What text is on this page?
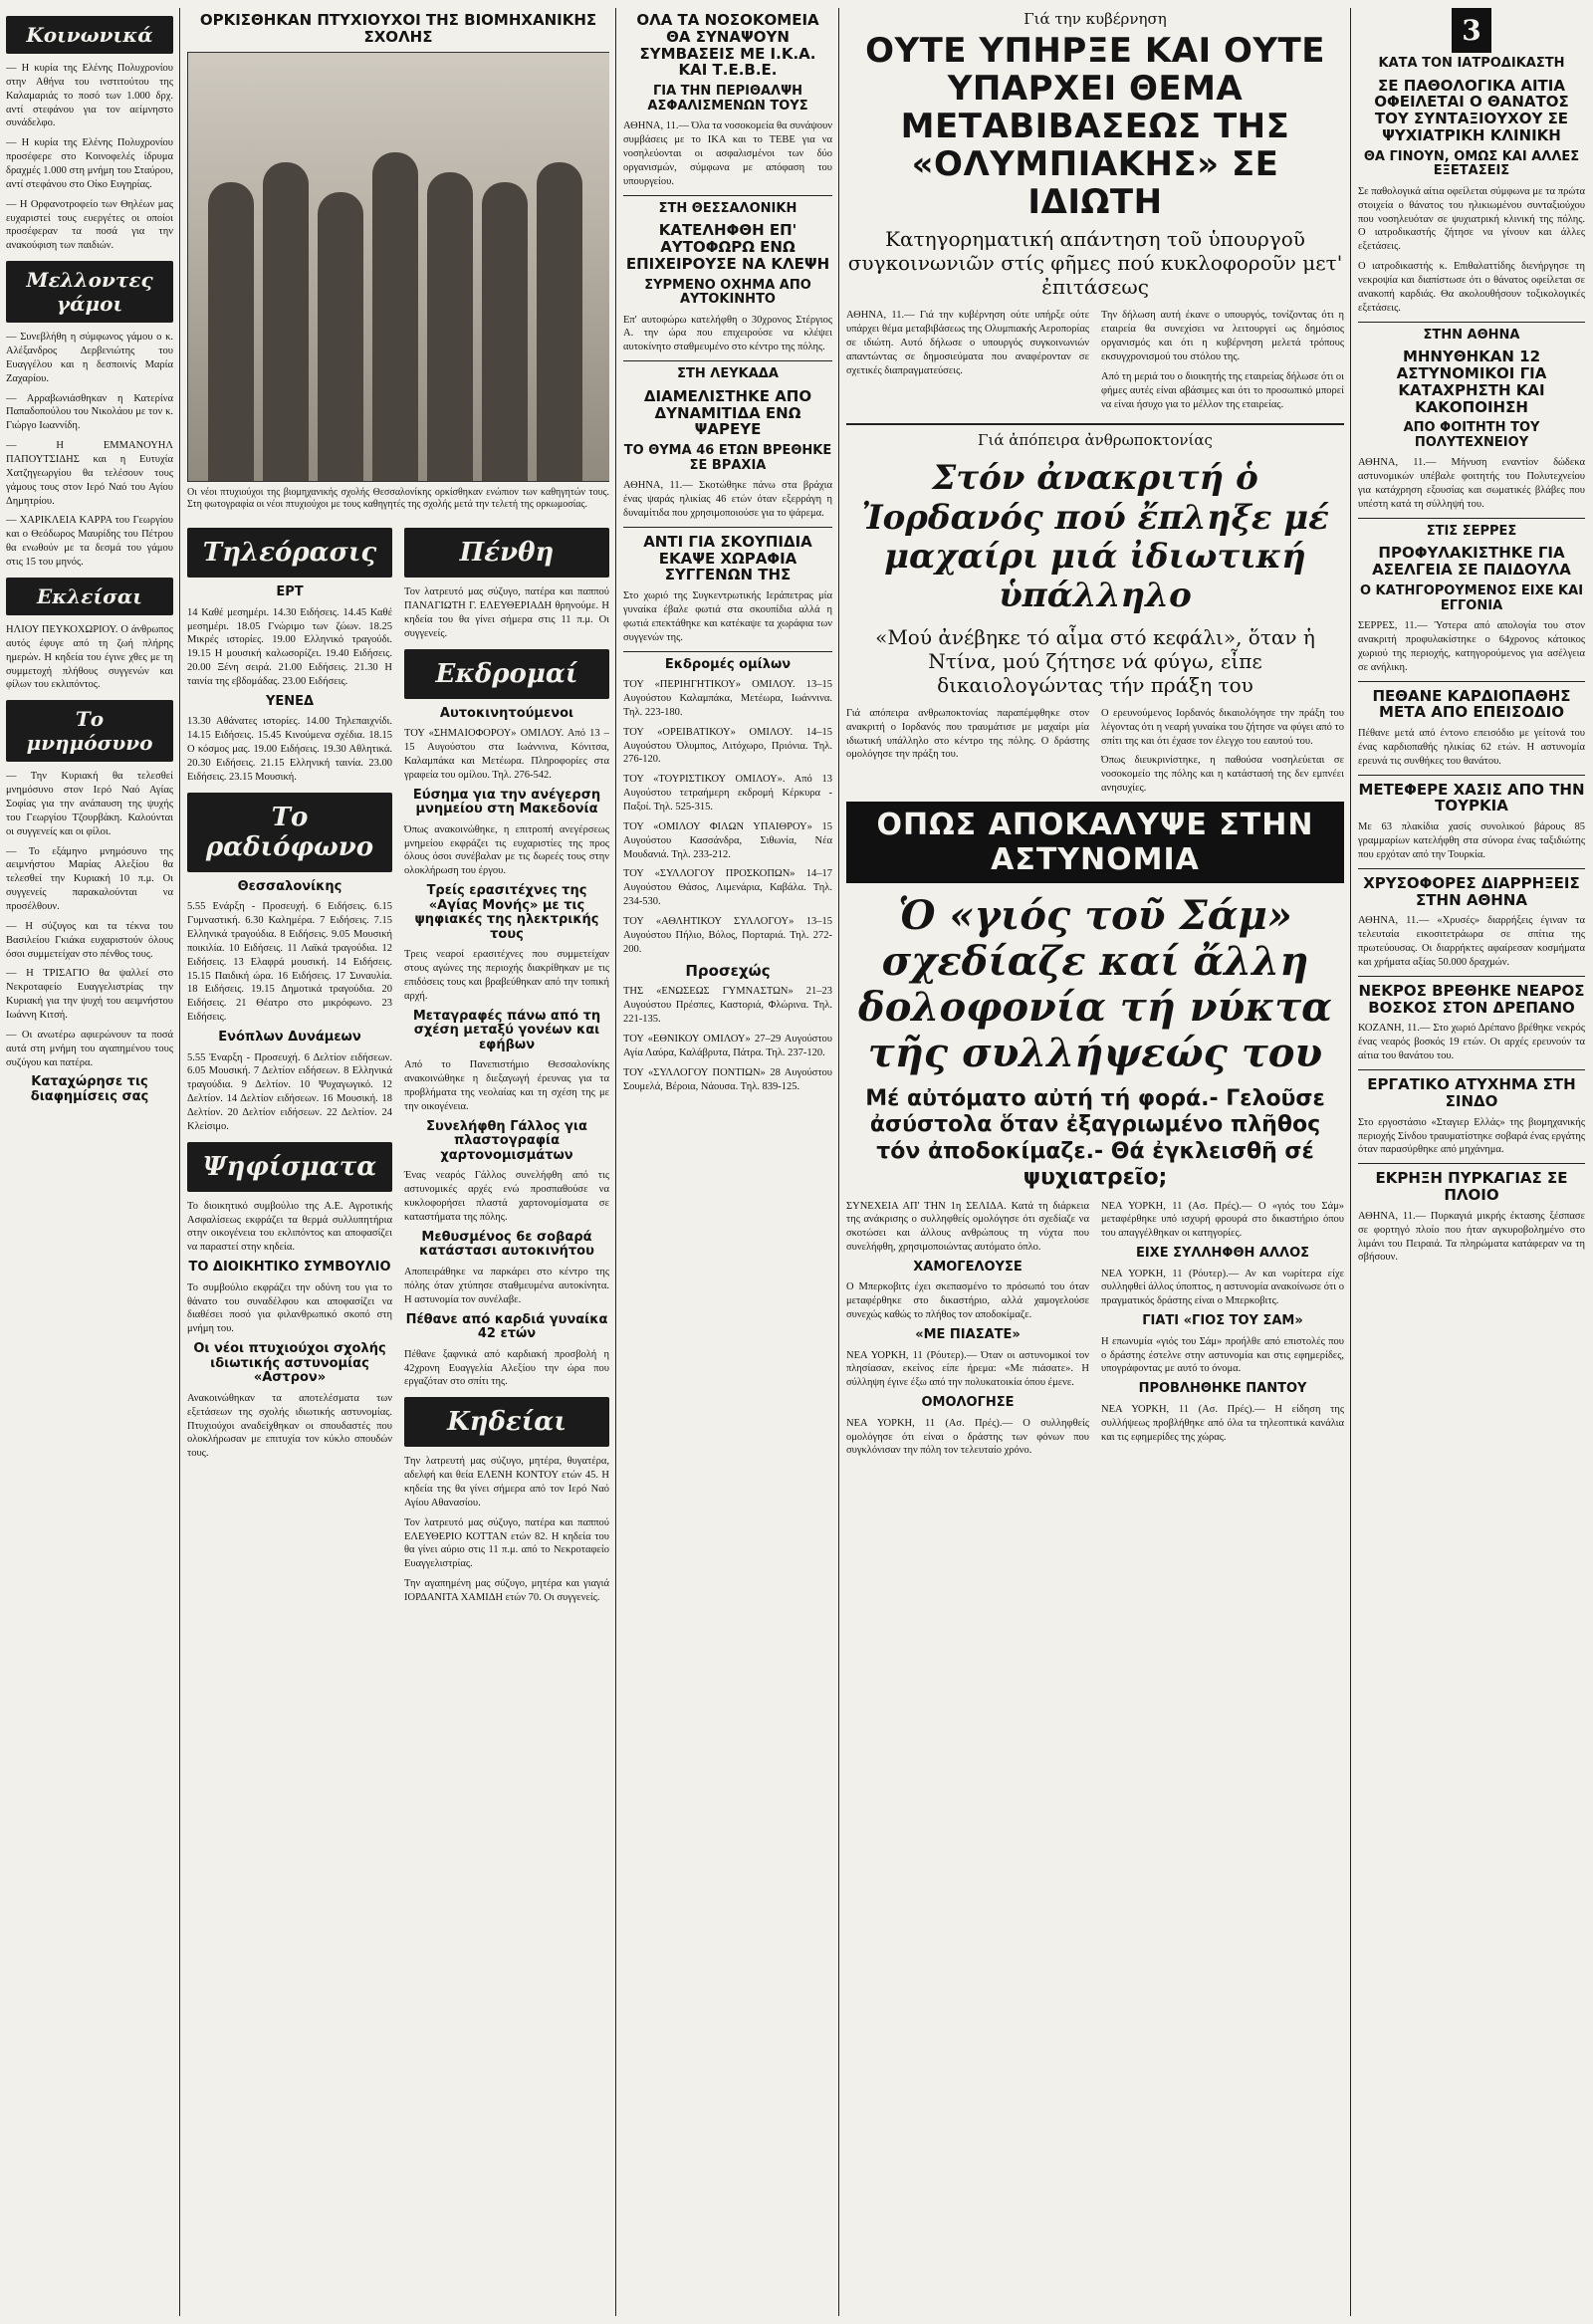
Κοινωνικά

— Η κυρία της Ελένης Πολυχρονίου στην Αθήνα του ινστιτούτου της Καλαμαριάς το ποσό των 1.000 δρχ. αντί στεφάνου για τον αείμνηστο συνάδελφο.

— Η κυρία της Ελένης Πολυχρονίου προσέφερε στο Κοινοφελές ίδρυμα δραχμές 1.000 στη μνήμη του Σταύρου, αντί στεφάνου στο Οίκο Ευγηρίας.

— Η Ορφανοτροφείο των Θηλέων μας ευχαριστεί τους ευεργέτες οι οποίοι προσέφεραν τα ποσά για την ανακούφιση των παιδιών.

Μελλοντες γάμοι

— Συνεβλήθη η σύμφωνος γάμου ο κ. Αλέξανδρος Δερβενιώτης του Ευαγγέλου και η δεσποινίς Μαρία Ζαχαρίου.

— Αρραβωνιάσθηκαν η Κατερίνα Παπαδοπούλου του Νικολάου με τον κ. Γιώργο Ιωαννίδη.

— Η ΕΜΜΑΝΟΥΗΛ ΠΑΠΟΥΤΣΙΔΗΣ και η Ευτυχία Χατζηγεωργίου θα τελέσουν τους γάμους τους στον Ιερό Ναό του Αγίου Δημητρίου.

— ΧΑΡΙΚΛΕΙΑ ΚΑΡΡΑ του Γεωργίου και ο Θεόδωρος Μαυρίδης του Πέτρου θα ενωθούν με τα δεσμά του γάμου στις 15 του μηνός.

Εκλείσαι

ΗΛΙΟΥ ΠΕΥΚΟΧΩΡΙΟΥ. Ο άνθρωπος αυτός έφυγε από τη ζωή πλήρης ημερών. Η κηδεία του έγινε χθες με τη συμμετοχή πλήθους συγγενών και φίλων του εκλιπόντος.

Το μνημόσυνο

— Την Κυριακή θα τελεσθεί μνημόσυνο στον Ιερό Ναό Αγίας Σοφίας για την ανάπαυση της ψυχής του Γεωργίου Τζουρβάκη. Καλούνται οι συγγενείς και οι φίλοι.

— Το εξάμηνο μνημόσυνο της αειμνήστου Μαρίας Αλεξίου θα τελεσθεί την Κυριακή 10 π.μ. Οι συγγενείς παρακαλούνται να προσέλθουν.

— Η σύζυγος και τα τέκνα του Βασιλείου Γκιάκα ευχαριστούν όλους όσοι συμμετείχαν στο πένθος τους.

— Η ΤΡΙΣΑΓΙΟ θα ψαλλεί στο Νεκροταφείο Ευαγγελιστρίας την Κυριακή για την ψυχή του αειμνήστου Ιωάννη Κιτσή.

— Οι ανωτέρω αφιερώνουν τα ποσά αυτά στη μνήμη του αγαπημένου τους συζύγου και πατέρα.

Καταχώρησε τις διαφημίσεις σας
ΟΡΚΙΣΘΗΚΑΝ ΠΤΥΧΙΟΥΧΟΙ ΤΗΣ ΒΙΟΜΗΧΑΝΙΚΗΣ ΣΧΟΛΗΣ

Οι νέοι πτυχιούχοι της βιομηχανικής σχολής Θεσσαλονίκης ορκίσθηκαν ενώπιον των καθηγητών τους. Στη φωτογραφία οι νέοι πτυχιούχοι με τους καθηγητές της σχολής μετά την τελετή της ορκωμοσίας.

Τηλεόρασις
ΕΡΤ

14 Καθέ μεσημέρι. 14.30 Ειδήσεις. 14.45 Καθέ μεσημέρι. 18.05 Γνώριμο των ζώων. 18.25 Μικρές ιστορίες. 19.00 Ελληνικό τραγούδι. 19.15 Η μουσική καλωσορίζει. 19.40 Ειδήσεις. 20.00 Ξένη σειρά. 21.00 Ειδήσεις. 21.30 Η ταινία της εβδομάδας. 23.00 Ειδήσεις.

ΥΕΝΕΔ

13.30 Αθάνατες ιστορίες. 14.00 Τηλεπαιχνίδι. 14.15 Ειδήσεις. 15.45 Κινούμενα σχέδια. 18.15 Ο κόσμος μας. 19.00 Ειδήσεις. 19.30 Αθλητικά. 20.30 Ειδήσεις. 21.15 Ελληνική ταινία. 23.00 Ειδήσεις. 23.15 Μουσική.

Το ραδιόφωνο
Θεσσαλονίκης

5.55 Ενάρξη - Προσευχή. 6 Ειδήσεις. 6.15 Γυμναστική. 6.30 Καλημέρα. 7 Ειδήσεις. 7.15 Ελληνικά τραγούδια. 8 Ειδήσεις. 9.05 Μουσική ποικιλία. 10 Ειδήσεις. 11 Λαϊκά τραγούδια. 12 Ειδήσεις. 13 Ελαφρά μουσική. 14 Ειδήσεις. 15.15 Παιδική ώρα. 16 Ειδήσεις. 17 Συναυλία. 18 Ειδήσεις. 19.15 Δημοτικά τραγούδια. 20 Ειδήσεις. 21 Θέατρο στο μικρόφωνο. 23 Ειδήσεις.

Ενόπλων Δυνάμεων

5.55 Έναρξη - Προσευχή. 6 Δελτίον ειδήσεων. 6.05 Μουσική. 7 Δελτίον ειδήσεων. 8 Ελληνικά τραγούδια. 9 Δελτίον. 10 Ψυχαγωγικό. 12 Δελτίον. 14 Δελτίον ειδήσεων. 16 Μουσική. 18 Δελτίον. 20 Δελτίον ειδήσεων. 22 Δελτίον. 24 Κλείσιμο.

Ψηφίσματα

Το διοικητικό συμβούλιο της Α.Ε. Αγροτικής Ασφαλίσεως εκφράζει τα θερμά συλλυπητήρια στην οικογένεια του εκλιπόντος και αποφασίζει να παραστεί στην κηδεία.

ΤΟ ΔΙΟΙΚΗΤΙΚΟ ΣΥΜΒΟΥΛΙΟ

Το συμβούλιο εκφράζει την οδύνη του για το θάνατο του συναδέλφου και αποφασίζει να διαθέσει ποσό για φιλανθρωπικό σκοπό στη μνήμη του.

Οι νέοι πτυχιούχοι σχολής ιδιωτικής αστυνομίας «Αστρον»

Ανακοινώθηκαν τα αποτελέσματα των εξετάσεων της σχολής ιδιωτικής αστυνομίας. Πτυχιούχοι αναδείχθηκαν οι σπουδαστές που ολοκλήρωσαν με επιτυχία τον κύκλο σπουδών τους.

Πένθη

Τον λατρευτό μας σύζυγο, πατέρα και παππού ΠΑΝΑΓΙΩΤΗ Γ. ΕΛΕΥΘΕΡΙΑΔΗ θρηνούμε. Η κηδεία του θα γίνει σήμερα στις 11 π.μ. Οι συγγενείς.

Εκδρομαί
Αυτοκινητούμενοι

ΤΟΥ «ΣΗΜΑΙΟΦΟΡΟΥ» ΟΜΙΛΟΥ. Από 13 – 15 Αυγούστου στα Ιωάννινα, Κόνιτσα, Καλαμπάκα και Μετέωρα. Πληροφορίες στα γραφεία του ομίλου. Τηλ. 276-542.

Εύσημα για την ανέγερση μνημείου στη Μακεδονία

Όπως ανακοινώθηκε, η επιτροπή ανεγέρσεως μνημείου εκφράζει τις ευχαριστίες της προς όλους όσοι συνέβαλαν με τις δωρεές τους στην ολοκλήρωση του έργου.

Τρείς ερασιτέχνες της «Αγίας Μονής» με τις ψηφιακές της ηλεκτρικής τους

Τρεις νεαροί ερασιτέχνες που συμμετείχαν στους αγώνες της περιοχής διακρίθηκαν με τις επιδόσεις τους και βραβεύθηκαν από την τοπική αρχή.

Μεταγραφές πάνω από τη σχέση μεταξύ γονέων και εφήβων

Από το Πανεπιστήμιο Θεσσαλονίκης ανακοινώθηκε η διεξαγωγή έρευνας για τα προβλήματα της νεολαίας και τη σχέση της με την οικογένεια.

Συνελήφθη Γάλλος για πλαστογραφία χαρτονομισμάτων

Ένας νεαρός Γάλλος συνελήφθη από τις αστυνομικές αρχές ενώ προσπαθούσε να κυκλοφορήσει πλαστά χαρτονομίσματα σε καταστήματα της πόλης.

Μεθυσμένος 6ε σοβαρά κατάστασι αυτοκινήτου

Αποπειράθηκε να παρκάρει στο κέντρο της πόλης όταν χτύπησε σταθμευμένα αυτοκίνητα. Η αστυνομία τον συνέλαβε.

Πέθανε από καρδιά γυναίκα 42 ετών

Πέθανε ξαφνικά από καρδιακή προσβολή η 42χρονη Ευαγγελία Αλεξίου την ώρα που εργαζόταν στο σπίτι της.

Κηδείαι

Την λατρευτή μας σύζυγο, μητέρα, θυγατέρα, αδελφή και θεία ΕΛΕΝΗ ΚΟΝΤΟΥ ετών 45. Η κηδεία της θα γίνει σήμερα από τον Ιερό Ναό Αγίου Αθανασίου.

Τον λατρευτό μας σύζυγο, πατέρα και παππού ΕΛΕΥΘΕΡΙΟ ΚΟΤΤΑΝ ετών 82. Η κηδεία του θα γίνει αύριο στις 11 π.μ. από το Νεκροταφείο Ευαγγελιστρίας.

Την αγαπημένη μας σύζυγο, μητέρα και γιαγιά ΙΟΡΔΑΝΙΤΑ ΧΑΜΙΔΗ ετών 70. Οι συγγενείς.

ΟΛΑ ΤΑ ΝΟΣΟΚΟΜΕΙΑ ΘΑ ΣΥΝΑΨΟΥΝ ΣΥΜΒΑΣΕΙΣ ΜΕ Ι.Κ.Α. ΚΑΙ Τ.Ε.Β.Ε.
ΓΙΑ ΤΗΝ ΠΕΡΙΘΑΛΨΗ ΑΣΦΑΛΙΣΜΕΝΩΝ ΤΟΥΣ

ΑΘΗΝΑ, 11.— Όλα τα νοσοκομεία θα συνάψουν συμβάσεις με το ΙΚΑ και το ΤΕΒΕ για να νοσηλεύονται οι ασφαλισμένοι των δύο οργανισμών, σύμφωνα με απόφαση του υπουργείου.

ΣΤΗ ΘΕΣΣΑΛΟΝΙΚΗ
ΚΑΤΕΛΗΦΘΗ ΕΠ' ΑΥΤΟΦΩΡΩ ΕΝΩ ΕΠΙΧΕΙΡΟΥΣΕ ΝΑ ΚΛΕΨΗ
ΣΥΡΜΕΝΟ ΟΧΗΜΑ ΑΠΟ ΑΥΤΟΚΙΝΗΤΟ

Επ' αυτοφώρω κατελήφθη ο 30χρονος Στέργιος Α. την ώρα που επιχειρούσε να κλέψει αυτοκίνητο σταθμευμένο στο κέντρο της πόλης.

ΣΤΗ ΛΕΥΚΑΔΑ
ΔΙΑΜΕΛΙΣΤΗΚΕ ΑΠΟ ΔΥΝΑΜΙΤΙΔΑ ΕΝΩ ΨΑΡΕΥΕ
ΤΟ ΘΥΜΑ 46 ΕΤΩΝ ΒΡΕΘΗΚΕ ΣΕ ΒΡΑΧΙΑ

ΑΘΗΝΑ, 11.— Σκοτώθηκε πάνω στα βράχια ένας ψαράς ηλικίας 46 ετών όταν εξερράγη η δυναμίτιδα που χρησιμοποιούσε για το ψάρεμα.

ΑΝΤΙ ΓΙΑ ΣΚΟΥΠΙΔΙΑ ΕΚΑΨΕ ΧΩΡΑΦΙΑ ΣΥΓΓΕΝΩΝ ΤΗΣ

Στο χωριό της Συγκεντρωτικής Ιεράπετρας μία γυναίκα έβαλε φωτιά στα σκουπίδια αλλά η φωτιά επεκτάθηκε και κατέκαψε τα χωράφια των συγγενών της.

Εκδρομές ομίλων

ΤΟΥ «ΠΕΡΙΗΓΗΤΙΚΟΥ» ΟΜΙΛΟΥ. 13–15 Αυγούστου Καλαμπάκα, Μετέωρα, Ιωάννινα. Τηλ. 223-180.

ΤΟΥ «ΟΡΕΙΒΑΤΙΚΟΥ» ΟΜΙΛΟΥ. 14–15 Αυγούστου Όλυμπος, Λιτόχωρο, Πριόνια. Τηλ. 276-120.

ΤΟΥ «ΤΟΥΡΙΣΤΙΚΟΥ ΟΜΙΛΟΥ». Από 13 Αυγούστου τετραήμερη εκδρομή Κέρκυρα - Παξοί. Τηλ. 525-315.

ΤΟΥ «ΟΜΙΛΟΥ ΦΙΛΩΝ ΥΠΑΙΘΡΟΥ» 15 Αυγούστου Κασσάνδρα, Σιθωνία, Νέα Μουδανιά. Τηλ. 233-212.

ΤΟΥ «ΣΥΛΛΟΓΟΥ ΠΡΟΣΚΟΠΩΝ» 14–17 Αυγούστου Θάσος, Λιμενάρια, Καβάλα. Τηλ. 234-530.

ΤΟΥ «ΑΘΛΗΤΙΚΟΥ ΣΥΛΛΟΓΟΥ» 13–15 Αυγούστου Πήλιο, Βόλος, Πορταριά. Τηλ. 272-200.

Προσεχώς

ΤΗΣ «ΕΝΩΣΕΩΣ ΓΥΜΝΑΣΤΩΝ» 21–23 Αυγούστου Πρέσπες, Καστοριά, Φλώρινα. Τηλ. 221-135.

ΤΟΥ «ΕΘΝΙΚΟΥ ΟΜΙΛΟΥ» 27–29 Αυγούστου Αγία Λαύρα, Καλάβρυτα, Πάτρα. Τηλ. 237-120.

ΤΟΥ «ΣΥΛΛΟΓΟΥ ΠΟΝΤΙΩΝ» 28 Αυγούστου Σουμελά, Βέροια, Νάουσα. Τηλ. 839-125.

Γιά την κυβέρνηση
ΟΥΤΕ ΥΠΗΡΞΕ ΚΑΙ ΟΥΤΕ ΥΠΑΡΧΕΙ ΘΕΜΑ ΜΕΤΑΒΙΒΑΣΕΩΣ ΤΗΣ «ΟΛΥΜΠΙΑΚΗΣ» ΣΕ ΙΔΙΩΤΗ
Κατηγορηματική απάντηση τοῦ ὑπουργοῦ συγκοινωνιῶν στίς φῆμες πού κυκλοφοροῦν μετ' ἐπιτάσεως

ΑΘΗΝΑ, 11.— Γιά την κυβέρνηση ούτε υπήρξε ούτε υπάρχει θέμα μεταβιβάσεως της Ολυμπιακής Αεροπορίας σε ιδιώτη. Αυτό δήλωσε ο υπουργός συγκοινωνιών απαντώντας σε δημοσιεύματα που αναφέρονταν σε σχετικές διαπραγματεύσεις.

Την δήλωση αυτή έκανε ο υπουργός, τονίζοντας ότι η εταιρεία θα συνεχίσει να λειτουργεί ως δημόσιος οργανισμός και ότι η κυβέρνηση μελετά τρόπους εκσυγχρονισμού του στόλου της.

Από τη μεριά του ο διοικητής της εταιρείας δήλωσε ότι οι φήμες αυτές είναι αβάσιμες και ότι το προσωπικό μπορεί να είναι ήσυχο για το μέλλον της εταιρείας.

Γιά ἀπόπειρα ἀνθρωποκτονίας
Στόν ἀνακριτή ὁ Ἰορδανός πού ἔπληξε μέ μαχαίρι μιά ἰδιωτική ὑπάλληλο
«Μού ἀνέβηκε τό αἷμα στό κεφάλι», ὅταν ἡ Ντίνα, μού ζήτησε νά φύγω, εἶπε δικαιολογώντας τήν πράξη του

Γιά απόπειρα ανθρωποκτονίας παραπέμφθηκε στον ανακριτή ο Ιορδανός που τραυμάτισε με μαχαίρι μία ιδιωτική υπάλληλο στο κέντρο της πόλης. Ο δράστης ομολόγησε την πράξη του.

Ο ερευνούμενος Ιορδανός δικαιολόγησε την πράξη του λέγοντας ότι η νεαρή γυναίκα του ζήτησε να φύγει από το σπίτι της και ότι έχασε τον έλεγχο του εαυτού του.

Όπως διευκρινίστηκε, η παθούσα νοσηλεύεται σε νοσοκομείο της πόλης και η κατάστασή της δεν εμπνέει ανησυχίες.

ΟΠΩΣ ΑΠΟΚΑΛΥΨΕ ΣΤΗΝ ΑΣΤΥΝΟΜΙΑ
Ὁ «γιός τοῦ Σάμ» σχεδίαζε καί ἄλλη δολοφονία τή νύκτα τῆς συλλήψεώς του
Μέ αὐτόματο αὐτή τή φορά.- Γελοῦσε ἀσύστολα ὅταν ἐξαγριωμένο πλῆθος τόν ἀποδοκίμαζε.- Θά ἐγκλεισθῆ σέ ψυχιατρεῖο;

ΣΥΝΕΧΕΙΑ ΑΠ' ΤΗΝ 1η ΣΕΛΙΔΑ. Κατά τη διάρκεια της ανάκρισης ο συλληφθείς ομολόγησε ότι σχεδίαζε να σκοτώσει και άλλους ανθρώπους τη νύχτα που συνελήφθη, χρησιμοποιώντας αυτόματο όπλο.

ΧΑΜΟΓΕΛΟΥΣΕ

Ο Μπερκοβιτς έχει σκεπασμένο το πρόσωπό του όταν μεταφέρθηκε στο δικαστήριο, αλλά χαμογελούσε συνεχώς καθώς το πλήθος τον αποδοκίμαζε.

«ΜΕ ΠΙΑΣΑΤΕ»

ΝΕΑ ΥΟΡΚΗ, 11 (Ρόυτερ).— Όταν οι αστυνομικοί τον πλησίασαν, εκείνος είπε ήρεμα: «Με πιάσατε». Η σύλληψη έγινε έξω από την πολυκατοικία όπου έμενε.

ΟΜΟΛΟΓΗΣΕ

ΝΕΑ ΥΟΡΚΗ, 11 (Ασ. Πρές).— Ο συλληφθείς ομολόγησε ότι είναι ο δράστης των φόνων που συγκλόνισαν την πόλη τον τελευταίο χρόνο.

ΝΕΑ ΥΟΡΚΗ, 11 (Ασ. Πρές).— Ο «γιός του Σάμ» μεταφέρθηκε υπό ισχυρή φρουρά στο δικαστήριο όπου του απαγγέλθηκαν οι κατηγορίες.

ΕΙΧΕ ΣΥΛΛΗΦΘΗ ΑΛΛΟΣ

ΝΕΑ ΥΟΡΚΗ, 11 (Ρόυτερ).— Αν και νωρίτερα είχε συλληφθεί άλλος ύποπτος, η αστυνομία ανακοίνωσε ότι ο πραγματικός δράστης είναι ο Μπερκοβιτς.

ΓΙΑΤΙ «ΓΙΟΣ ΤΟΥ ΣΑΜ»

Η επωνυμία «γιός του Σάμ» προήλθε από επιστολές που ο δράστης έστελνε στην αστυνομία και στις εφημερίδες, υπογράφοντας με αυτό το όνομα.

ΠΡΟΒΛΗΘΗΚΕ ΠΑΝΤΟΥ

ΝΕΑ ΥΟΡΚΗ, 11 (Ασ. Πρές).— Η είδηση της συλλήψεως προβλήθηκε από όλα τα τηλεοπτικά κανάλια και τις εφημερίδες της χώρας.

3
ΚΑΤΑ ΤΟΝ ΙΑΤΡΟΔΙΚΑΣΤΗ
ΣΕ ΠΑΘΟΛΟΓΙΚΑ ΑΙΤΙΑ ΟΦΕΙΛΕΤΑΙ Ο ΘΑΝΑΤΟΣ ΤΟΥ ΣΥΝΤΑΞΙΟΥΧΟΥ ΣΕ ΨΥΧΙΑΤΡΙΚΗ ΚΛΙΝΙΚΗ
ΘΑ ΓΙΝΟΥΝ, ΟΜΩΣ ΚΑΙ ΑΛΛΕΣ ΕΞΕΤΑΣΕΙΣ

Σε παθολογικά αίτια οφείλεται σύμφωνα με τα πρώτα στοιχεία ο θάνατος του ηλικιωμένου συνταξιούχου που νοσηλευόταν σε ψυχιατρική κλινική της πόλης. Ο ιατροδικαστής ζήτησε να γίνουν και άλλες εξετάσεις.

Ο ιατροδικαστής κ. Επιθαλαττίδης διενήργησε τη νεκροψία και διαπίστωσε ότι ο θάνατος οφείλεται σε ανακοπή καρδιάς. Θα ακολουθήσουν τοξικολογικές εξετάσεις.

ΣΤΗΝ ΑΘΗΝΑ
ΜΗΝΥΘΗΚΑΝ 12 ΑΣΤΥΝΟΜΙΚΟΙ ΓΙΑ ΚΑΤΑΧΡΗΣΤΗ ΚΑΙ ΚΑΚΟΠΟΙΗΣΗ
ΑΠΟ ΦΟΙΤΗΤΗ ΤΟΥ ΠΟΛΥΤΕΧΝΕΙΟΥ

ΑΘΗΝΑ, 11.— Μήνυση εναντίον δώδεκα αστυνομικών υπέβαλε φοιτητής του Πολυτεχνείου για κατάχρηση εξουσίας και σωματικές βλάβες που υπέστη κατά τη σύλληψή του.

ΣΤΙΣ ΣΕΡΡΕΣ
ΠΡΟΦΥΛΑΚΙΣΤΗΚΕ ΓΙΑ ΑΣΕΛΓΕΙΑ ΣΕ ΠΑΙΔΟΥΛΑ
Ο ΚΑΤΗΓΟΡΟΥΜΕΝΟΣ ΕΙΧΕ ΚΑΙ ΕΓΓΟΝΙΑ

ΣΕΡΡΕΣ, 11.— Ύστερα από απολογία του στον ανακριτή προφυλακίστηκε ο 64χρονος κάτοικος χωριού της περιοχής, κατηγορούμενος για ασέλγεια σε ανήλικη.

ΠΕΘΑΝΕ ΚΑΡΔΙΟΠΑΘΗΣ ΜΕΤΑ ΑΠΟ ΕΠΕΙΣΟΔΙΟ

Πέθανε μετά από έντονο επεισόδιο με γείτονά του ένας καρδιοπαθής ηλικίας 62 ετών. Η αστυνομία ερευνά τις συνθήκες του θανάτου.

ΜΕΤΕΦΕΡΕ ΧΑΣΙΣ ΑΠΟ ΤΗΝ ΤΟΥΡΚΙΑ

Με 63 πλακίδια χασίς συνολικού βάρους 85 γραμμαρίων κατελήφθη στα σύνορα ένας ταξιδιώτης που ερχόταν από την Τουρκία.

ΧΡΥΣΟΦΟΡΕΣ ΔΙΑΡΡΗΞΕΙΣ ΣΤΗΝ ΑΘΗΝΑ

ΑΘΗΝΑ, 11.— «Χρυσές» διαρρήξεις έγιναν τα τελευταία εικοσιτετράωρα σε σπίτια της πρωτεύουσας. Οι διαρρήκτες αφαίρεσαν κοσμήματα και χρήματα αξίας 50.000 δραχμών.

ΝΕΚΡΟΣ ΒΡΕΘΗΚΕ ΝΕΑΡΟΣ ΒΟΣΚΟΣ ΣΤΟΝ ΔΡΕΠΑΝΟ

ΚΟΖΑΝΗ, 11.— Στο χωριό Δρέπανο βρέθηκε νεκρός ένας νεαρός βοσκός 19 ετών. Οι αρχές ερευνούν τα αίτια του θανάτου του.

ΕΡΓΑΤΙΚΟ ΑΤΥΧΗΜΑ ΣΤΗ ΣΙΝΔΟ

Στο εργοστάσιο «Σταγιερ Ελλάς» της βιομηχανικής περιοχής Σίνδου τραυματίστηκε σοβαρά ένας εργάτης όταν παρασύρθηκε από μηχάνημα.

ΕΚΡΗΞΗ ΠΥΡΚΑΓΙΑΣ ΣΕ ΠΛΟΙΟ

ΑΘΗΝΑ, 11.— Πυρκαγιά μικρής έκτασης ξέσπασε σε φορτηγό πλοίο που ήταν αγκυροβολημένο στο λιμάνι του Πειραιά. Τα πληρώματα κατάφεραν να τη σβήσουν.
